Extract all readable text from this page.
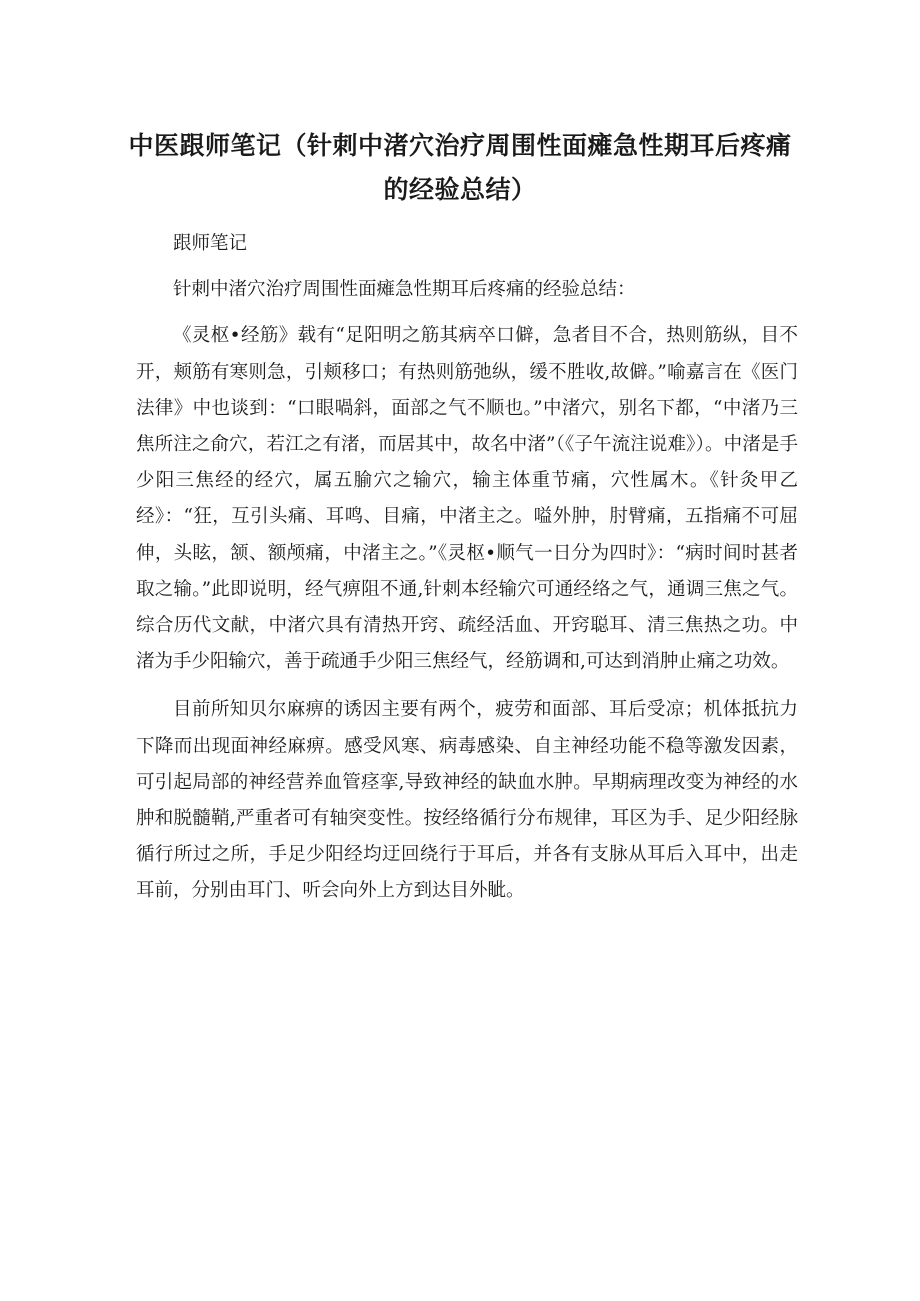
中医跟师笔记（针刺中渚穴治疗周围性面瘫急性期耳后疼痛的经验总结）

跟师笔记

针刺中渚穴治疗周围性面瘫急性期耳后疼痛的经验总结：

《灵枢•经筋》载有“足阳明之筋其病卒口僻，急者目不合，热则筋纵，目不开，颊筋有寒则急，引颊移口；有热则筋弛纵，缓不胜收,故僻。”喻嘉言在《医门法律》中也谈到：“口眼喎斜，面部之气不顺也。”中渚穴，别名下都，“中渚乃三焦所注之俞穴，若江之有渚，而居其中，故名中渚”（《子午流注说难》）。中渚是手少阳三焦经的经穴，属五腧穴之输穴，输主体重节痛，穴性属木。《针灸甲乙经》：“狂，互引头痛、耳鸣、目痛，中渚主之。嗌外肿，肘臂痛，五指痛不可屈伸，头眩，颔、额颅痛，中渚主之。”《灵枢•顺气一日分为四时》：“病时间时甚者取之输。”此即说明，经气痹阻不通,针刺本经输穴可通经络之气，通调三焦之气。综合历代文献，中渚穴具有清热开窍、疏经活血、开窍聪耳、清三焦热之功。中渚为手少阳输穴，善于疏通手少阳三焦经气，经筋调和,可达到消肿止痛之功效。

目前所知贝尔麻痹的诱因主要有两个，疲劳和面部、耳后受凉；机体抵抗力下降而出现面神经麻痹。感受风寒、病毒感染、自主神经功能不稳等激发因素，可引起局部的神经营养血管痉挛,导致神经的缺血水肿。早期病理改变为神经的水肿和脱髓鞘,严重者可有轴突变性。按经络循行分布规律，耳区为手、足少阳经脉循行所过之所，手足少阳经均迂回绕行于耳后，并各有支脉从耳后入耳中，出走耳前，分别由耳门、听会向外上方到达目外眦。
